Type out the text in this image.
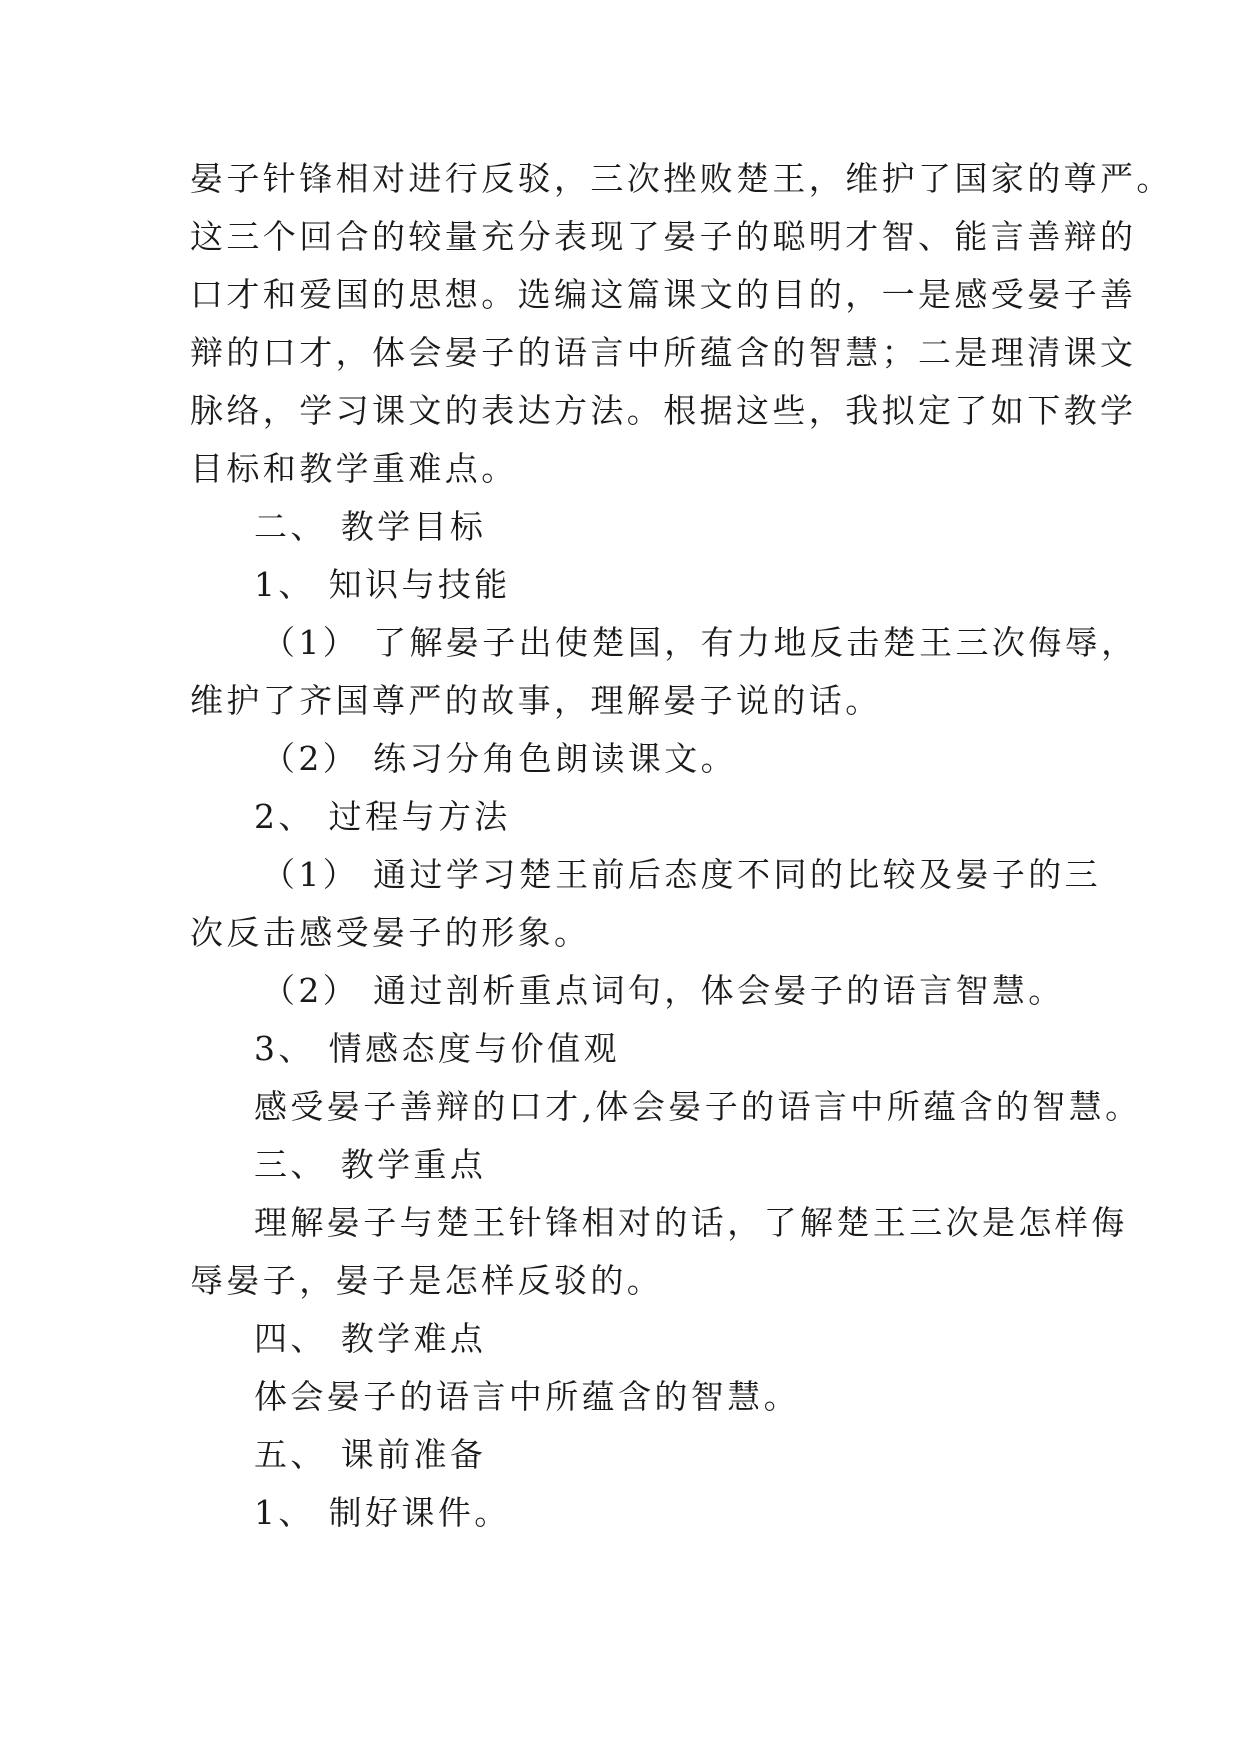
晏子针锋相对进行反驳，三次挫败楚王，维护了国家的尊严。
这三个回合的较量充分表现了晏子的聪明才智、能言善辩的
口才和爱国的思想。选编这篇课文的目的，一是感受晏子善
辩的口才，体会晏子的语言中所蕴含的智慧；二是理清课文
脉络，学习课文的表达方法。根据这些，我拟定了如下教学
目标和教学重难点。
二、 教学目标
1、 知识与技能
（1） 了解晏子出使楚国，有力地反击楚王三次侮辱，
维护了齐国尊严的故事，理解晏子说的话。
（2） 练习分角色朗读课文。
2、 过程与方法
（1） 通过学习楚王前后态度不同的比较及晏子的三
次反击感受晏子的形象。
（2） 通过剖析重点词句，体会晏子的语言智慧。
3、 情感态度与价值观
感受晏子善辩的口才,体会晏子的语言中所蕴含的智慧。
三、 教学重点
理解晏子与楚王针锋相对的话，了解楚王三次是怎样侮
辱晏子，晏子是怎样反驳的。
四、 教学难点
体会晏子的语言中所蕴含的智慧。
五、 课前准备
1、 制好课件。
